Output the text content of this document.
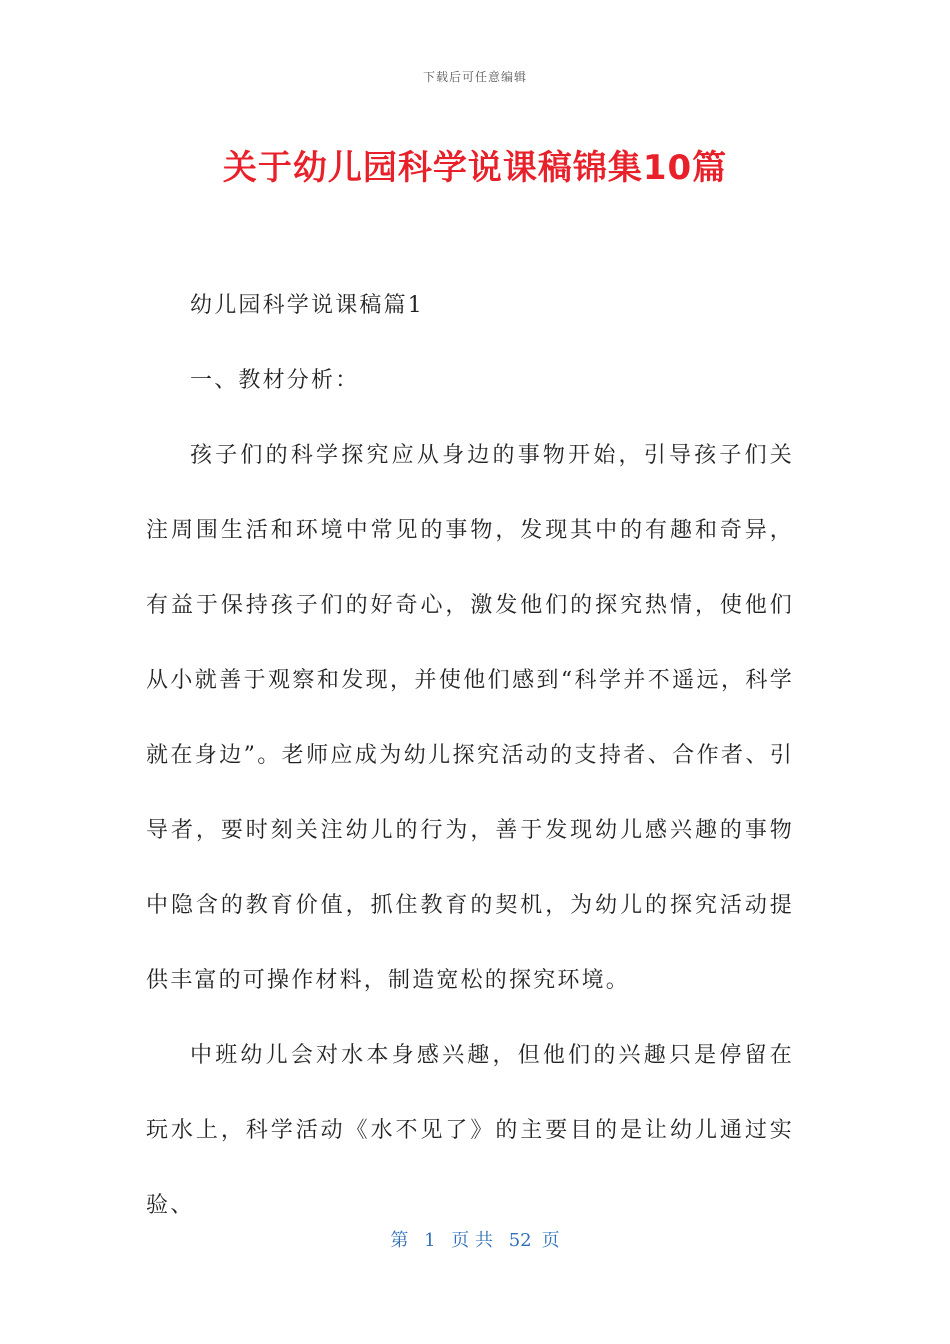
下载后可任意编辑
关于幼儿园科学说课稿锦集10篇

幼儿园科学说课稿篇1

一、教材分析：

孩子们的科学探究应从身边的事物开始，引导孩子们关注周围生活和环境中常见的事物，发现其中的有趣和奇异，有益于保持孩子们的好奇心，激发他们的探究热情，使他们从小就善于观察和发现，并使他们感到“科学并不遥远，科学就在身边”。老师应成为幼儿探究活动的支持者、合作者、引导者，要时刻关注幼儿的行为，善于发现幼儿感兴趣的事物中隐含的教育价值，抓住教育的契机，为幼儿的探究活动提供丰富的可操作材料，制造宽松的探究环境。

中班幼儿会对水本身感兴趣，但他们的兴趣只是停留在玩水上，科学活动《水不见了》的主要目的是让幼儿通过实验、

第 1 页 共 52 页
